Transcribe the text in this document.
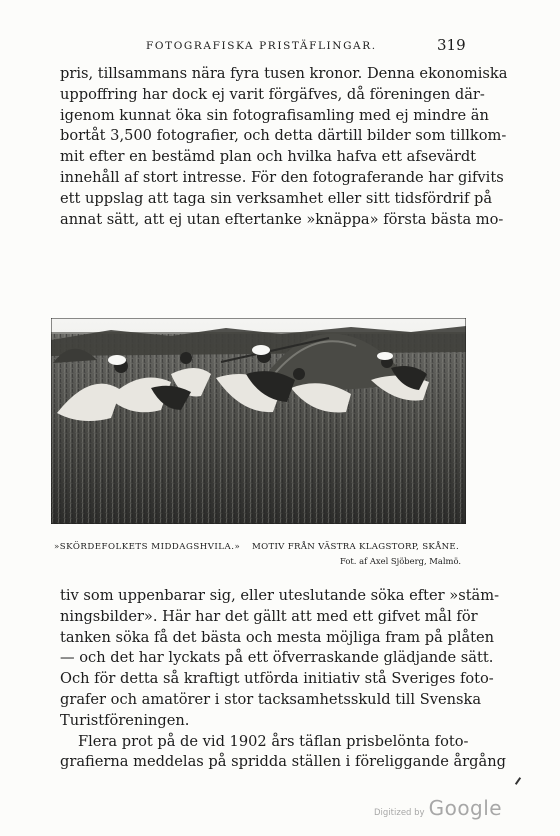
FOTOGRAFISKA PRISTÄFLINGAR.	319
pris, tillsammans nära fyra tusen kronor. Denna ekonomiska
uppoffring har dock ej varit förgäfves, då föreningen där-
igenom kunnat öka sin fotografisamling med ej mindre än
bortåt 3,500 fotografier, och detta därtill bilder som tillkom-
mit efter en bestämd plan och hvilka hafva ett afsevärdt
innehåll af stort intresse. För den fotograferande har gifvits
ett uppslag att taga sin verksamhet eller sitt tidsfördrif på
annat sätt, att ej utan eftertanke »knäppa» första bästa mo-
»SKÖRDEFOLKETS MIDDAGSHVILA.» MOTIV FRÅN VÄSTRA KLAGSTORP, SKÅNE.
Fot. af Axel Sjöberg, Malmö.
tiv som uppenbarar sig, eller uteslutande söka efter »stäm-
ningsbilder». Här har det gällt att med ett gifvet mål för
tanken söka få det bästa och mesta möjliga fram på plåten
— och det har lyckats på ett öfverraskande glädjande sätt.
Och för detta så kraftigt utförda initiativ stå Sveriges foto-
grafer och amatörer i stor tacksamhetsskuld till Svenska
Turistföreningen.
Flera prot på de vid 1902 års täflan prisbelönta foto-
grafierna meddelas på spridda ställen i föreliggande årgång
Digitized by Google
